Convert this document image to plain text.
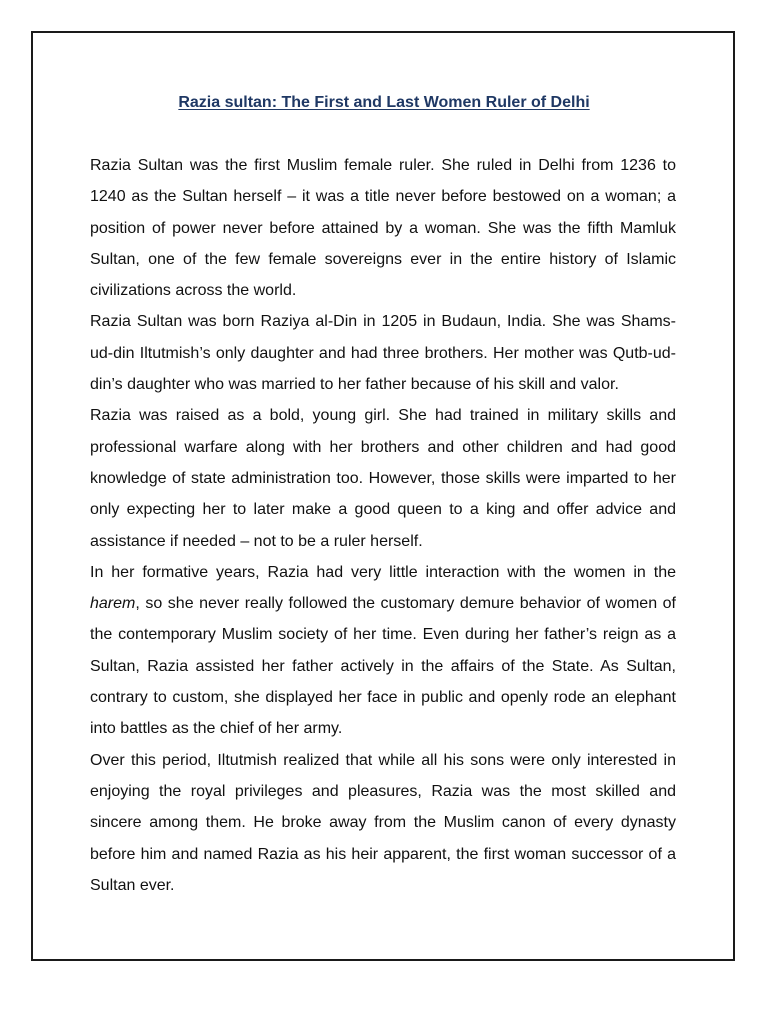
Razia sultan: The First and Last Women Ruler of Delhi

Razia Sultan was the first Muslim female ruler. She ruled in Delhi from 1236 to 1240 as the Sultan herself – it was a title never before bestowed on a woman; a position of power never before attained by a woman. She was the fifth Mamluk Sultan, one of the few female sovereigns ever in the entire history of Islamic civilizations across the world.

Razia Sultan was born Raziya al-Din in 1205 in Budaun, India. She was Shams-ud-din Iltutmish’s only daughter and had three brothers. Her mother was Qutb-ud-din’s daughter who was married to her father because of his skill and valor.

Razia was raised as a bold, young girl. She had trained in military skills and professional warfare along with her brothers and other children and had good knowledge of state administration too. However, those skills were imparted to her only expecting her to later make a good queen to a king and offer advice and assistance if needed – not to be a ruler herself.

In her formative years, Razia had very little interaction with the women in the harem, so she never really followed the customary demure behavior of women of the contemporary Muslim society of her time. Even during her father’s reign as a Sultan, Razia assisted her father actively in the affairs of the State. As Sultan, contrary to custom, she displayed her face in public and openly rode an elephant into battles as the chief of her army.

Over this period, Iltutmish realized that while all his sons were only interested in enjoying the royal privileges and pleasures, Razia was the most skilled and sincere among them. He broke away from the Muslim canon of every dynasty before him and named Razia as his heir apparent, the first woman successor of a Sultan ever.
